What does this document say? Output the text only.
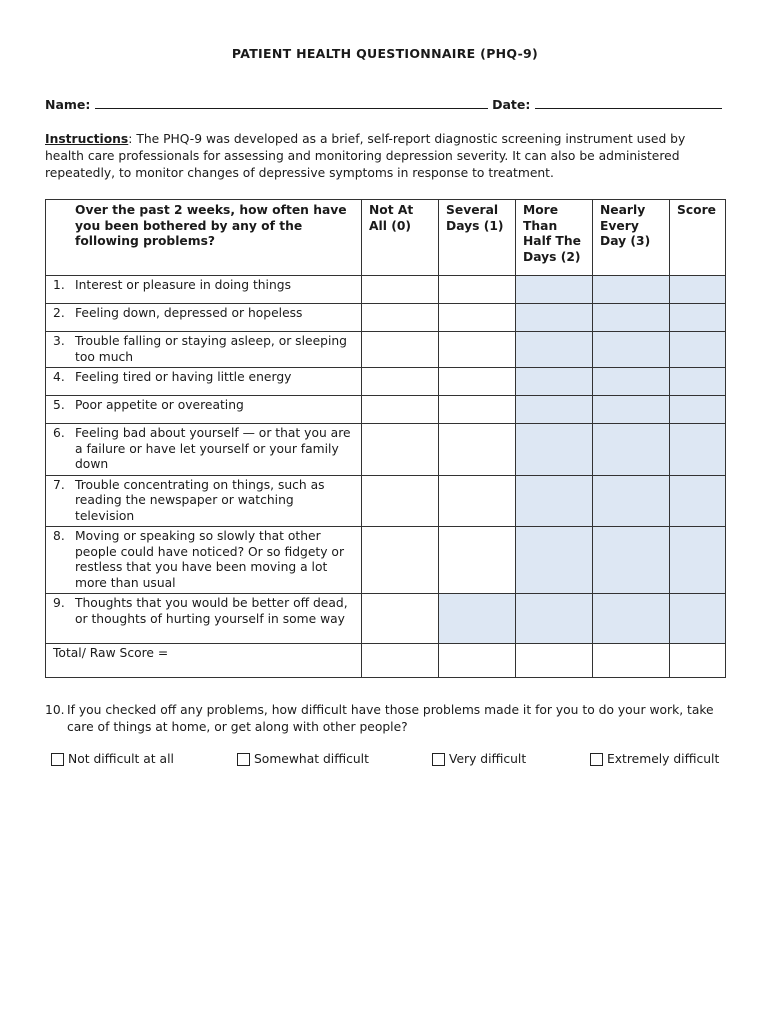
PATIENT HEALTH QUESTIONNAIRE (PHQ-9)
Name:	Date:
Instructions: The PHQ-9 was developed as a brief, self-report diagnostic screening instrument used by health care professionals for assessing and monitoring depression severity. It can also be administered repeatedly, to monitor changes of depressive symptoms in response to treatment.
Over the past 2 weeks, how often have you been bothered by any of the following problems?	Not At All (0)	Several Days (1)	More Than Half The Days (2)	Nearly Every Day (3)	Score

1. Interest or pleasure in doing things					

2. Feeling down, depressed or hopeless					

3. Trouble falling or staying asleep, or sleeping too much					

4. Feeling tired or having little energy					

5. Poor appetite or overeating					

6. Feeling bad about yourself — or that you are a failure or have let yourself or your family down					

7. Trouble concentrating on things, such as reading the newspaper or watching television					

8. Moving or speaking so slowly that other people could have noticed? Or so fidgety or restless that you have been moving a lot more than usual					

9. Thoughts that you would be better off dead, or thoughts of hurting yourself in some way					

Total/ Raw Score =					
10. If you checked off any problems, how difficult have those problems made it for you to do your work, take care of things at home, or get along with other people?
Not difficult at all	Somewhat difficult	Very difficult	Extremely difficult
